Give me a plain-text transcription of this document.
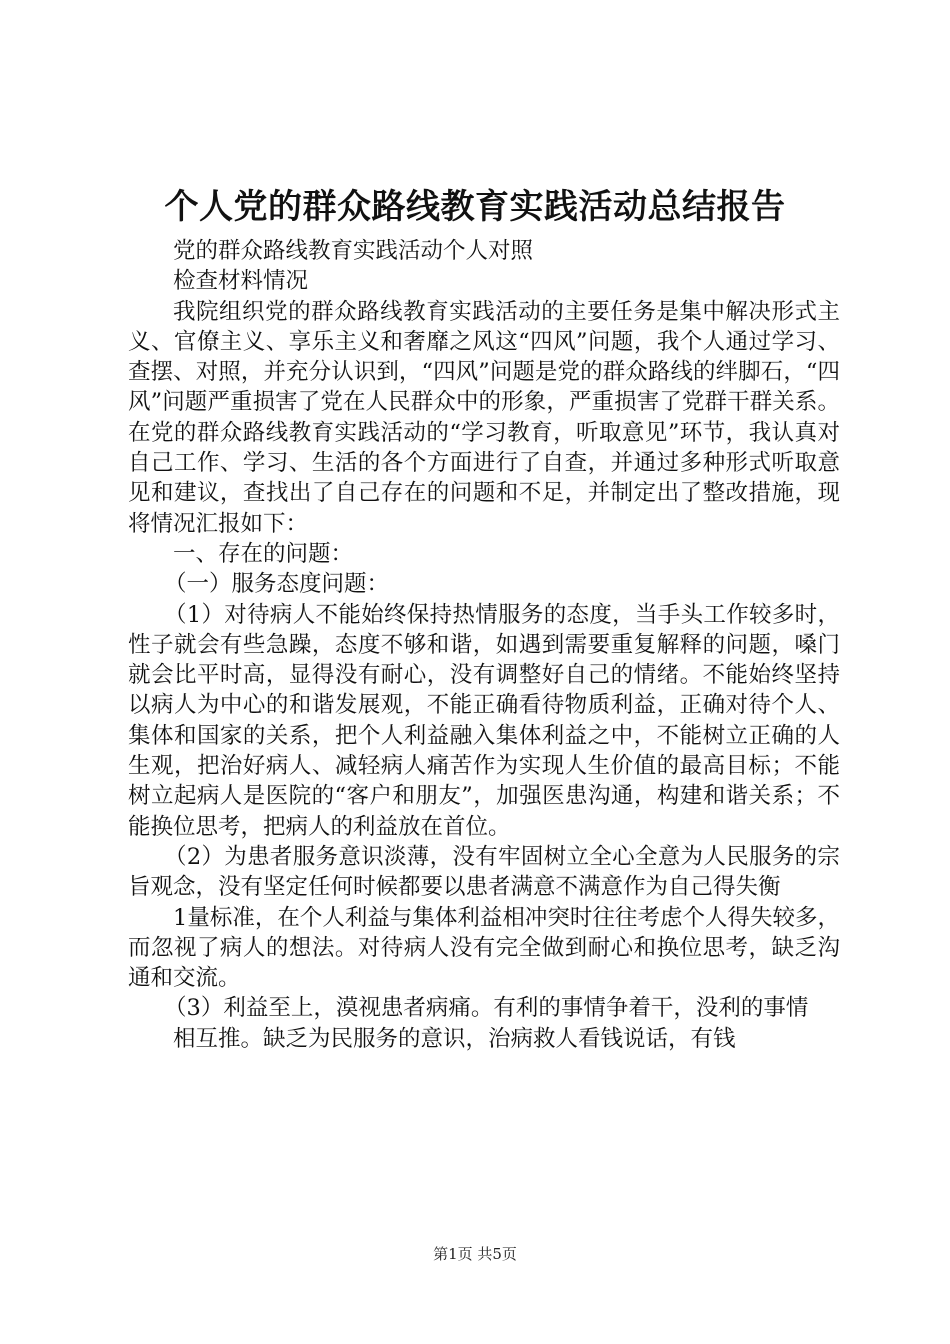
个人党的群众路线教育实践活动总结报告

党的群众路线教育实践活动个人对照

检查材料情况

我院组织党的群众路线教育实践活动的主要任务是集中解决形式主义、官僚主义、享乐主义和奢靡之风这“四风”问题，我个人通过学习、查摆、对照，并充分认识到，“四风”问题是党的群众路线的绊脚石，“四风”问题严重损害了党在人民群众中的形象，严重损害了党群干群关系。在党的群众路线教育实践活动的“学习教育，听取意见”环节，我认真对自己工作、学习、生活的各个方面进行了自查，并通过多种形式听取意见和建议，查找出了自己存在的问题和不足，并制定出了整改措施，现将情况汇报如下：

一、存在的问题：

（一）服务态度问题：

（1）对待病人不能始终保持热情服务的态度，当手头工作较多时，性子就会有些急躁，态度不够和谐，如遇到需要重复解释的问题，嗓门就会比平时高，显得没有耐心，没有调整好自己的情绪。不能始终坚持以病人为中心的和谐发展观，不能正确看待物质利益，正确对待个人、集体和国家的关系，把个人利益融入集体利益之中，不能树立正确的人生观，把治好病人、减轻病人痛苦作为实现人生价值的最高目标；不能树立起病人是医院的“客户和朋友”，加强医患沟通，构建和谐关系；不能换位思考，把病人的利益放在首位。

（2）为患者服务意识淡薄，没有牢固树立全心全意为人民服务的宗旨观念，没有坚定任何时候都要以患者满意不满意作为自己得失衡

1量标准，在个人利益与集体利益相冲突时往往考虑个人得失较多，而忽视了病人的想法。对待病人没有完全做到耐心和换位思考，缺乏沟通和交流。

（3）利益至上，漠视患者病痛。有利的事情争着干，没利的事情

相互推。缺乏为民服务的意识，治病救人看钱说话，有钱

第1页 共5页
